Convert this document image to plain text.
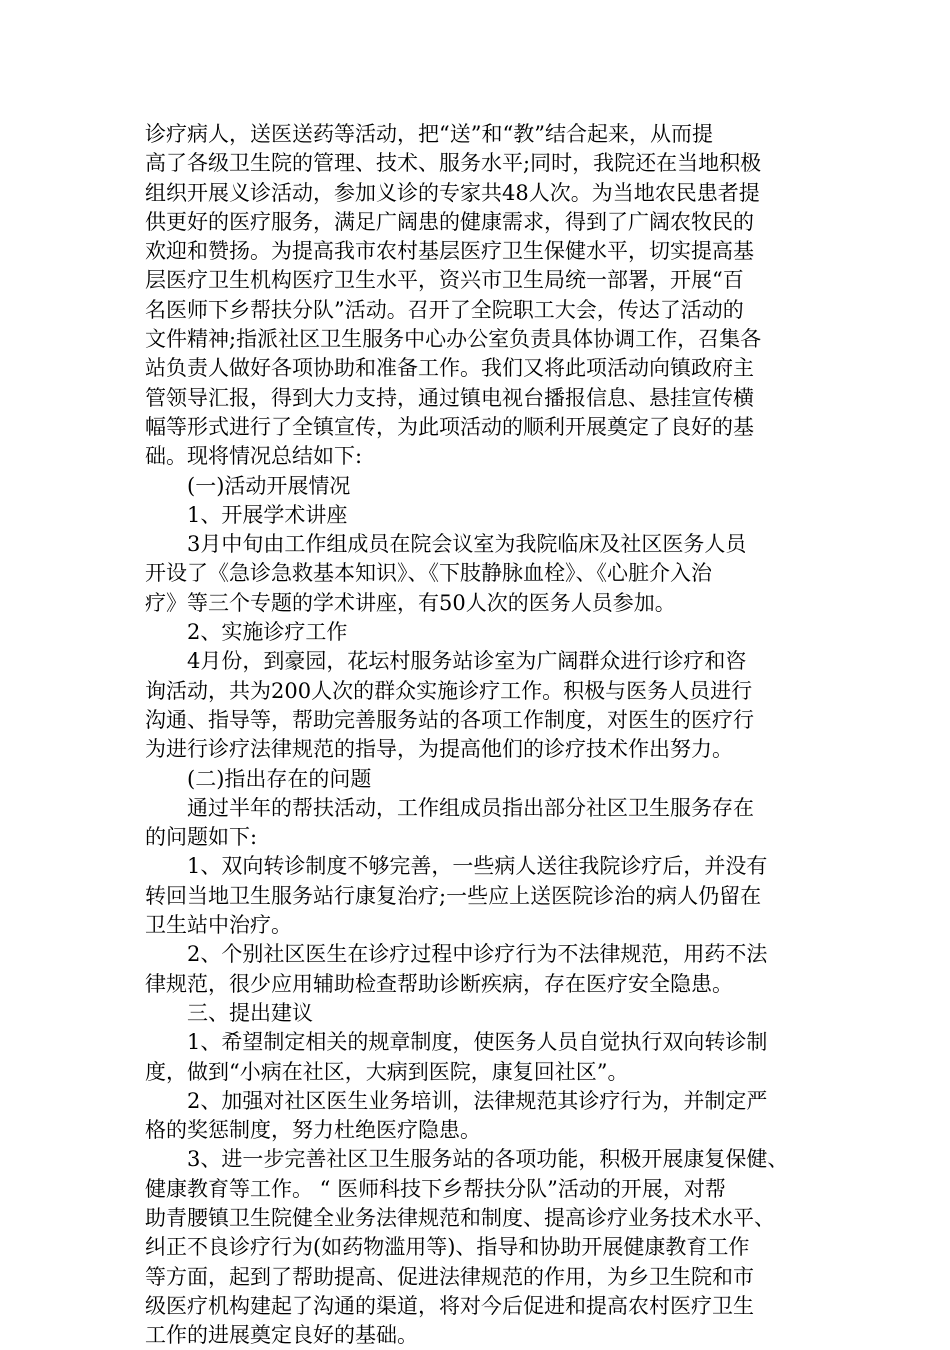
诊疗病人，送医送药等活动，把“送”和“教”结合起来，从而提

高了各级卫生院的管理、技术、服务水平;同时，我院还在当地积极

组织开展义诊活动，参加义诊的专家共48人次。为当地农民患者提

供更好的医疗服务，满足广阔患的健康需求，得到了广阔农牧民的

欢迎和赞扬。为提高我市农村基层医疗卫生保健水平，切实提高基

层医疗卫生机构医疗卫生水平，资兴市卫生局统一部署，开展“百

名医师下乡帮扶分队”活动。召开了全院职工大会，传达了活动的

文件精神;指派社区卫生服务中心办公室负责具体协调工作，召集各

站负责人做好各项协助和准备工作。我们又将此项活动向镇政府主

管领导汇报，得到大力支持，通过镇电视台播报信息、悬挂宣传横

幅等形式进行了全镇宣传，为此项活动的顺利开展奠定了良好的基

础。现将情况总结如下:

(一)活动开展情况

1、开展学术讲座

3月中旬由工作组成员在院会议室为我院临床及社区医务人员

开设了《急诊急救基本知识》、《下肢静脉血栓》、《心脏介入治

疗》等三个专题的学术讲座，有50人次的医务人员参加。

2、实施诊疗工作

4月份，到豪园，花坛村服务站诊室为广阔群众进行诊疗和咨

询活动，共为200人次的群众实施诊疗工作。积极与医务人员进行

沟通、指导等，帮助完善服务站的各项工作制度，对医生的医疗行

为进行诊疗法律规范的指导，为提高他们的诊疗技术作出努力。

(二)指出存在的问题

通过半年的帮扶活动，工作组成员指出部分社区卫生服务存在

的问题如下:

1、双向转诊制度不够完善，一些病人送往我院诊疗后，并没有

转回当地卫生服务站行康复治疗;一些应上送医院诊治的病人仍留在

卫生站中治疗。

2、个别社区医生在诊疗过程中诊疗行为不法律规范，用药不法

律规范，很少应用辅助检查帮助诊断疾病，存在医疗安全隐患。

三、提出建议

1、希望制定相关的规章制度，使医务人员自觉执行双向转诊制

度，做到“小病在社区，大病到医院，康复回社区”。

2、加强对社区医生业务培训，法律规范其诊疗行为，并制定严

格的奖惩制度，努力杜绝医疗隐患。

3、进一步完善社区卫生服务站的各项功能，积极开展康复保健、

健康教育等工作。 “ 医师科技下乡帮扶分队”活动的开展，对帮

助青腰镇卫生院健全业务法律规范和制度、提高诊疗业务技术水平、

纠正不良诊疗行为(如药物滥用等)、指导和协助开展健康教育工作

等方面，起到了帮助提高、促进法律规范的作用，为乡卫生院和市

级医疗机构建起了沟通的渠道，将对今后促进和提高农村医疗卫生

工作的进展奠定良好的基础。
